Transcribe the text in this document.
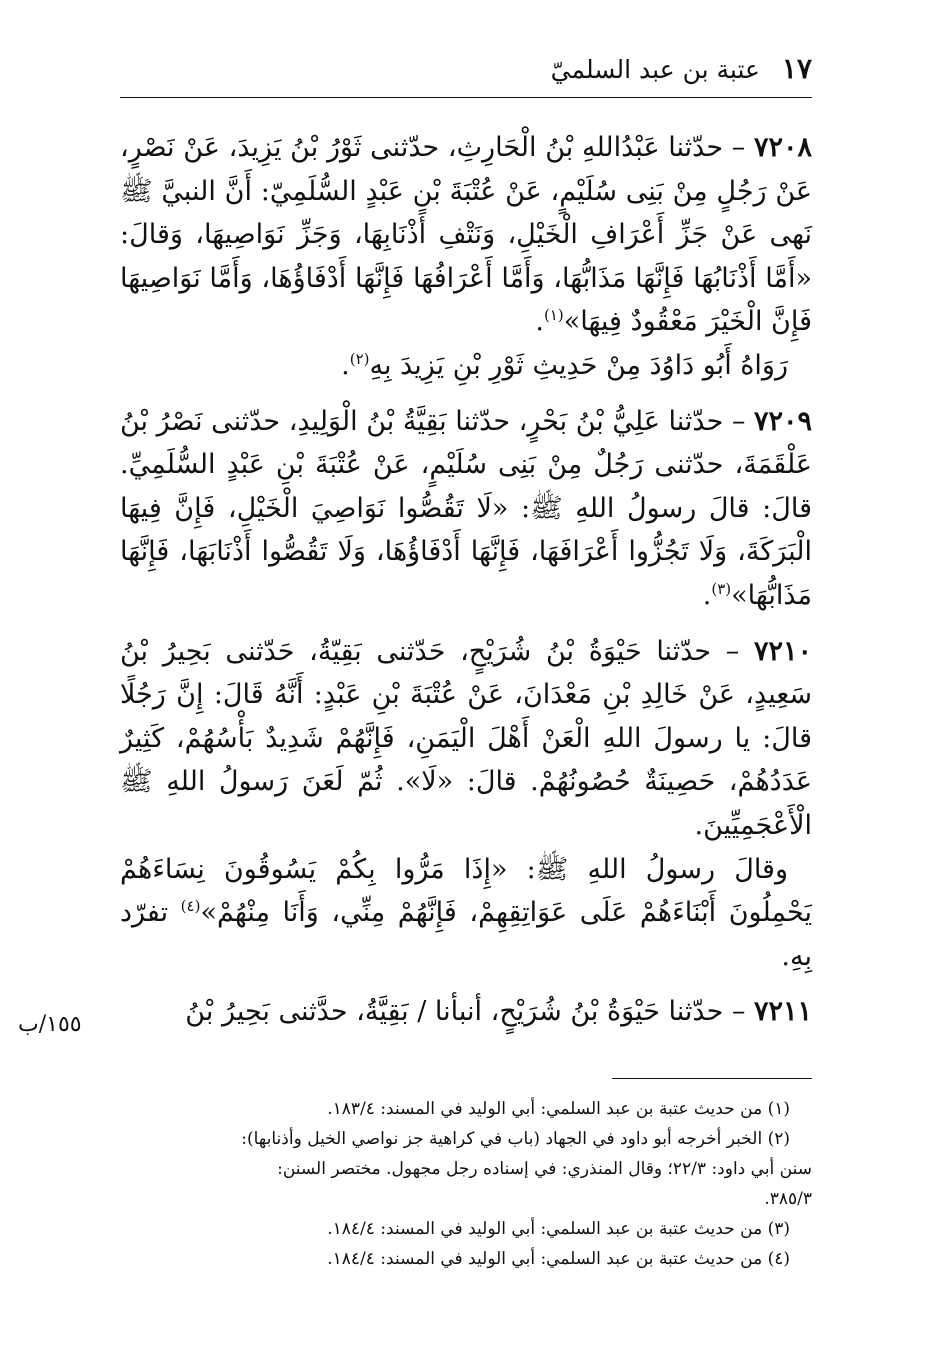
١٧
عتبة بن عبد السلميّ

٧٢٠٨ – حدّثنا عَبْدُاللهِ بْنُ الْحَارِثِ، حدّثنى ثَوْرُ بْنُ يَزِيدَ، عَنْ نَصْرٍ، عَنْ رَجُلٍ مِنْ بَنِى سُلَيْمٍ، عَنْ عُتْبَةَ بْنِ عَبْدٍ السُّلَمِيّ: أَنَّ النبيَّ ﷺ نَهى عَنْ جَزِّ أَعْرَافِ الْخَيْلِ، وَنَتْفِ أَذْنَابِهَا، وَجَزِّ نَوَاصِيهَا، وَقالَ: «أَمَّا أَذْنَابُهَا فَإِنَّهَا مَذَابُّهَا، وَأَمَّا أَعْرَافُهَا فَإِنَّهَا أَدْفَاؤُهَا، وَأَمَّا نَوَاصِيهَا فَإِنَّ الْخَيْرَ مَعْقُودٌ فِيهَا»$^{(١)}$.

رَوَاهُ أَبُو دَاوُدَ مِنْ حَدِيثِ ثَوْرِ بْنِ يَزِيدَ بِهِ$^{(٢)}$.

٧٢٠٩ – حدّثنا عَلِيُّ بْنُ بَحْرٍ، حدّثنا بَقِيَّةُ بْنُ الْوَلِيدِ، حدّثنى نَصْرُ بْنُ عَلْقَمَةَ، حدّثنى رَجُلٌ مِنْ بَنِى سُلَيْمٍ، عَنْ عُتْبَةَ بْنِ عَبْدٍ السُّلَمِيِّ. قالَ: قالَ رسولُ اللهِ ﷺ: «لَا تَقُصُّوا نَوَاصِيَ الْخَيْلِ، فَإِنَّ فِيهَا الْبَرَكَةَ، وَلَا تَجُزُّوا أَعْرَافَهَا، فَإِنَّهَا أَدْفَاؤُهَا، وَلَا تَقُصُّوا أَذْنَابَهَا، فَإِنَّهَا مَذَابُّهَا»$^{(٣)}$.

٧٢١٠ – حدّثنا حَيْوَةُ بْنُ شُرَيْحٍ، حَدّثنى بَقِيّةُ، حَدّثنى بَحِيرُ بْنُ سَعِيدٍ، عَنْ خَالِدِ بْنِ مَعْدَانَ، عَنْ عُتْبَةَ بْنِ عَبْدٍ: أَنَّهُ قَالَ: إِنَّ رَجُلًا قالَ: يا رسولَ اللهِ الْعَنْ أَهْلَ الْيَمَنِ، فَإِنَّهُمْ شَدِيدٌ بَأْسُهُمْ، كَثِيرٌ عَدَدُهُمْ، حَصِينَةٌ حُصُونُهُمْ. قالَ: «لَا». ثُمّ لَعَنَ رَسولُ اللهِ ﷺ الْأَعْجَمِيِّينَ.

وقالَ رسولُ اللهِ ﷺ: «إِذَا مَرُّوا بِكُمْ يَسُوقُونَ نِسَاءَهُمْ يَحْمِلُونَ أَبْنَاءَهُمْ عَلَى عَوَاتِقِهِمْ، فَإِنَّهُمْ مِنِّي، وَأَنَا مِنْهُمْ»$^{(٤)}$ تفرّد بِهِ.

٧٢١١ – حدّثنا حَيْوَةُ بْنُ شُرَيْحٍ، أنبأنا / بَقِيَّةُ، حدَّثنى بَحِيرُ بْنُ

١٥٥/ب

(١) من حديث عتبة بن عبد السلمي: أبي الوليد في المسند: ١٨٣/٤.

(٢) الخبر أخرجه أبو داود في الجهاد (باب في كراهية جز نواصي الخيل وأذنابها):

سنن أبي داود: ٢٢/٣؛ وقال المنذري: في إسناده رجل مجهول. مختصر السنن:

٣٨٥/٣.

(٣) من حديث عتبة بن عبد السلمي: أبي الوليد في المسند: ١٨٤/٤.

(٤) من حديث عتبة بن عبد السلمي: أبي الوليد في المسند: ١٨٤/٤.
